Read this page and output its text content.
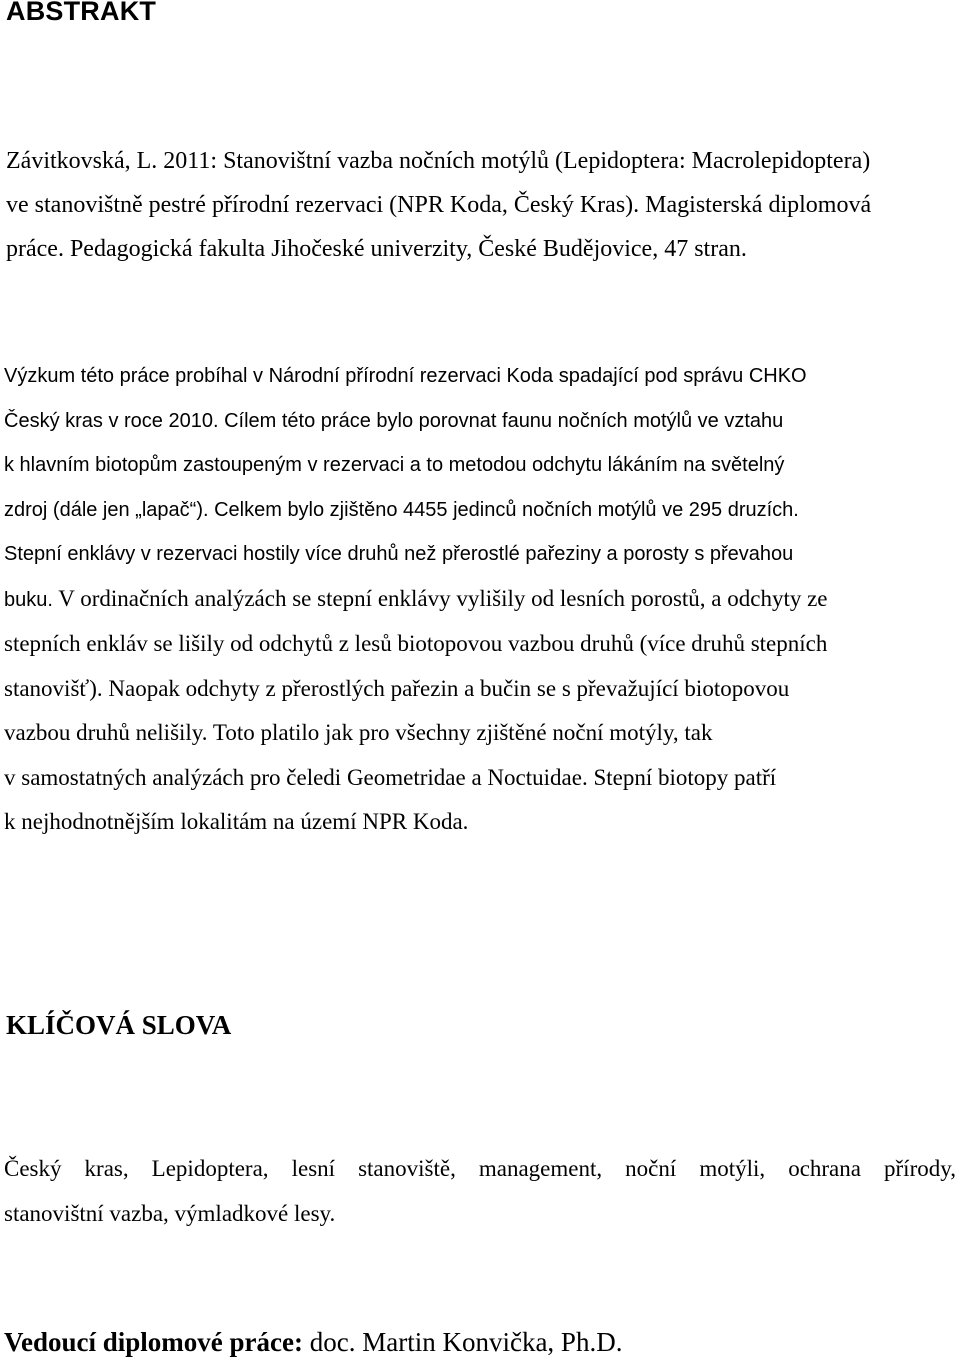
ABSTRAKT

Závitkovská, L. 2011: Stanovištní vazba nočních motýlů (Lepidoptera: Macrolepidoptera)
ve stanovištně pestré přírodní rezervaci (NPR Koda, Český Kras). Magisterská diplomová
práce. Pedagogická fakulta Jihočeské univerzity, České Budějovice, 47 stran.

Výzkum této práce probíhal v Národní přírodní rezervaci Koda spadající pod správu CHKO
Český kras v roce 2010. Cílem této práce bylo porovnat faunu nočních motýlů ve vztahu
k hlavním biotopům zastoupeným v rezervaci a to metodou odchytu lákáním na světelný
zdroj (dále jen „lapač“). Celkem bylo zjištěno 4455 jedinců nočních motýlů ve 295 druzích.
Stepní enklávy v rezervaci hostily více druhů než přerostlé pařeziny a porosty s převahou
buku. V ordinačních analýzách se stepní enklávy vylišily od lesních porostů, a odchyty ze
stepních enkláv se lišily od odchytů z lesů biotopovou vazbou druhů (více druhů stepních
stanovišť). Naopak odchyty z přerostlých pařezin a bučin se s převažující biotopovou
vazbou druhů nelišily. Toto platilo jak pro všechny zjištěné noční motýly, tak
v samostatných analýzách pro čeledi Geometridae a Noctuidae. Stepní biotopy patří
k nejhodnotnějším lokalitám na území NPR Koda.

KLÍČOVÁ SLOVA

Český kras, Lepidoptera, lesní stanoviště, management, noční motýli, ochrana přírody,
stanovištní vazba, výmladkové lesy.

Vedoucí diplomové práce: doc. Martin Konvička, Ph.D.
